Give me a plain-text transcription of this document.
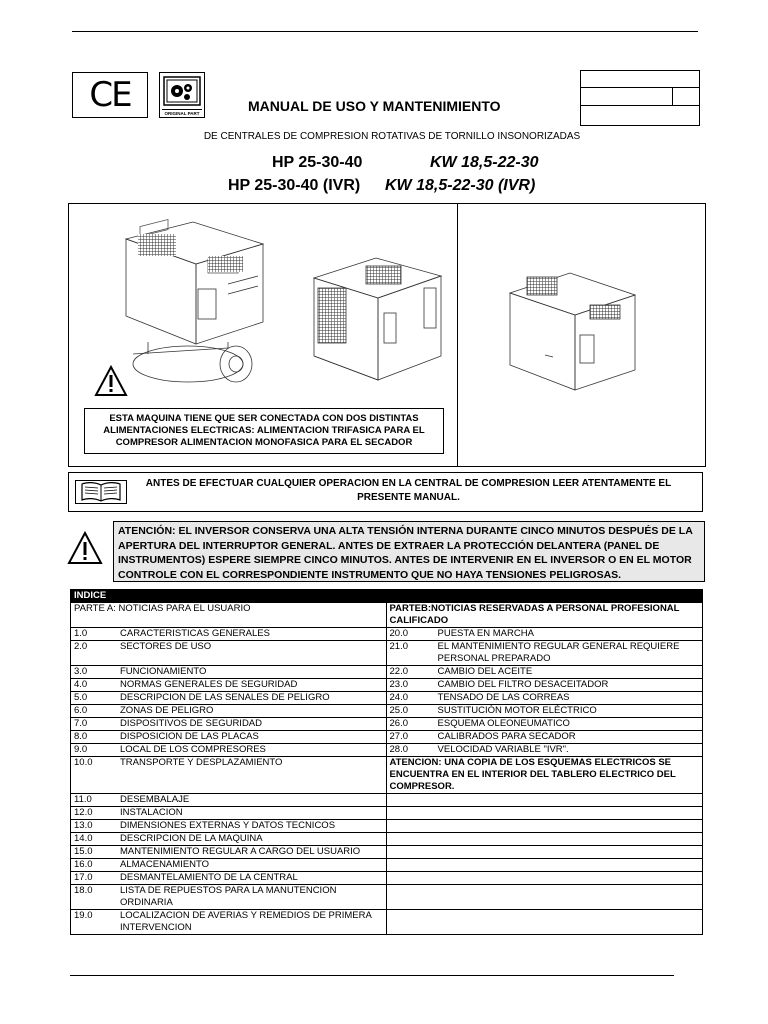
CE	ORIGINAL PART	MANUAL DE USO Y MANTENIMIENTO
DE CENTRALES DE COMPRESION ROTATIVAS DE TORNILLO INSONORIZADAS
HP 25-30-40	KW 18,5-22-30
HP 25-30-40 (IVR) KW 18,5-22-30 (IVR)
ESTA MAQUINA TIENE QUE SER CONECTADA CON DOS DISTINTAS ALIMENTACIONES ELECTRICAS: ALIMENTACION TRIFASICA PARA EL COMPRESOR ALIMENTACION MONOFASICA PARA EL SECADOR
ANTES DE EFECTUAR CUALQUIER OPERACION EN LA CENTRAL DE COMPRESION LEER ATENTAMENTE EL PRESENTE MANUAL.
ATENCIÓN: EL INVERSOR CONSERVA UNA ALTA TENSIÓN INTERNA DURANTE CINCO MINUTOS DESPUÉS DE LA APERTURA DEL INTERRUPTOR GENERAL. ANTES DE EXTRAER LA PROTECCIÓN DELANTERA (PANEL DE INSTRUMENTOS) ESPERE SIEMPRE CINCO MINUTOS. ANTES DE INTERVENIR EN EL INVERSOR O EN EL MOTOR CONTROLE CON EL CORRESPONDIENTE INSTRUMENTO QUE NO HAYA TENSIONES PELIGROSAS.
INDICE	
PARTE A: NOTICIAS PARA EL USUARIO	PARTEB:NOTICIAS RESERVADAS A PERSONAL PROFESIONAL CALIFICADO

1.0 CARACTERISTICAS GENERALES	20.0 PUESTA EN MARCHA

2.0 SECTORES DE USO	21.0 EL MANTENIMIENTO REGULAR GENERAL REQUIERE PERSONAL PREPARADO

3.0 FUNCIONAMIENTO	22.0 CAMBIO DEL ACEITE

4.0 NORMAS GENERALES DE SEGURIDAD	23.0 CAMBIO DEL FILTRO DESACEITADOR

5.0 DESCRIPCION DE LAS SENALES DE PELIGRO	24.0 TENSADO DE LAS CORREAS

6.0 ZONAS DE PELIGRO	25.0 SUSTITUCIÓN MOTOR ELÉCTRICO

7.0 DISPOSITIVOS DE SEGURIDAD	26.0 ESQUEMA OLEONEUMATICO

8.0 DISPOSICION DE LAS PLACAS	27.0 CALIBRADOS PARA SECADOR

9.0 LOCAL DE LOS COMPRESORES	28.0 VELOCIDAD VARIABLE "IVR".

10.0 TRANSPORTE Y DESPLAZAMIENTO	ATENCION: UNA COPIA DE LOS ESQUEMAS ELECTRICOS SE ENCUENTRA EN EL INTERIOR DEL TABLERO ELECTRICO DEL COMPRESOR.

11.0 DESEMBALAJE	

12.0 INSTALACION	

13.0 DIMENSIONES EXTERNAS Y DATOS TECNICOS	

14.0 DESCRIPCION DE LA MAQUINA	

15.0 MANTENIMIENTO REGULAR A CARGO DEL USUARIO	

16.0 ALMACENAMIENTO	

17.0 DESMANTELAMIENTO DE LA CENTRAL	

18.0 LISTA DE REPUESTOS PARA LA MANUTENCION ORDINARIA	

19.0 LOCALIZACION DE AVERIAS Y REMEDIOS DE PRIMERA INTERVENCION	
